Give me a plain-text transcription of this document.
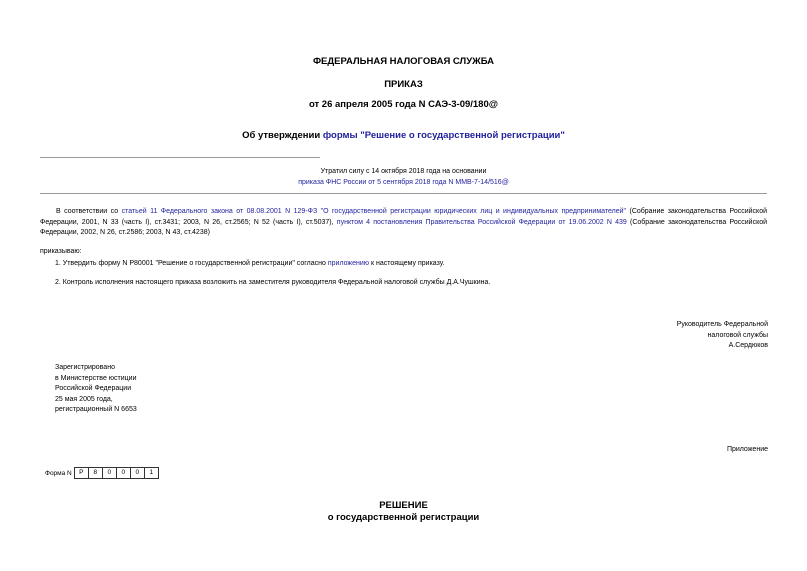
ФЕДЕРАЛЬНАЯ НАЛОГОВАЯ СЛУЖБА
ПРИКАЗ
от 26 апреля 2005 года N САЭ-3-09/180@
Об утверждении формы "Решение о государственной регистрации"
Утратил силу с 14 октября 2018 года на основании
приказа ФНС России от 5 сентября 2018 года N ММВ-7-14/516@
В соответствии со статьей 11 Федерального закона от 08.08.2001 N 129-ФЗ "О государственной регистрации юридических лиц и индивидуальных предпринимателей" (Собрание законодательства Российской Федерации, 2001, N 33 (часть I), ст.3431; 2003, N 26, ст.2565; N 52 (часть I), ст.5037), пунктом 4 постановления Правительства Российской Федерации от 19.06.2002 N 439 (Собрание законодательства Российской Федерации, 2002, N 26, ст.2586; 2003, N 43, ст.4238)
приказываю:
1. Утвердить форму N Р80001 "Решение о государственной регистрации" согласно приложению к настоящему приказу.
2. Контроль исполнения настоящего приказа возложить на заместителя руководителя Федеральной налоговой службы Д.А.Чушкина.
Руководитель Федеральной
налоговой службы
А.Сердюков
Зарегистрировано
в Министерстве юстиции
Российской Федерации
25 мая 2005 года,
регистрационный N 6653
Приложение
Форма N	Р	8	0	0	0	1
РЕШЕНИЕ
о государственной регистрации
